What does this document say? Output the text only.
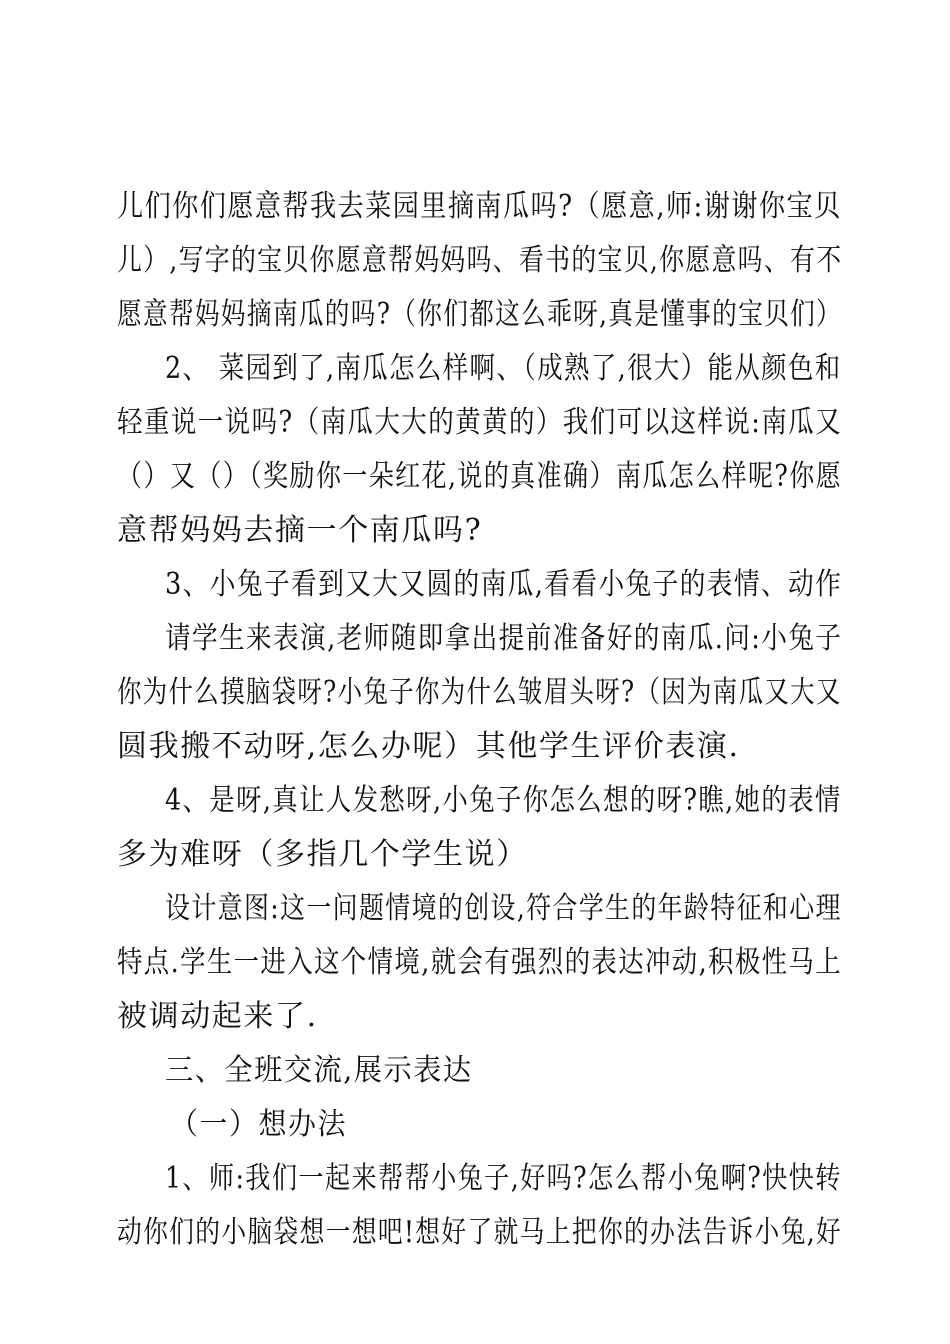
儿们你们愿意帮我去菜园里摘南瓜吗?（愿意,师:谢谢你宝贝
儿）,写字的宝贝你愿意帮妈妈吗、看书的宝贝,你愿意吗、有不
愿意帮妈妈摘南瓜的吗?（你们都这么乖呀,真是懂事的宝贝们）
2、 菜园到了,南瓜怎么样啊、（成熟了,很大）能从颜色和
轻重说一说吗?（南瓜大大的黄黄的）我们可以这样说:南瓜又
（）又（）（奖励你一朵红花,说的真准确）南瓜怎么样呢?你愿
意帮妈妈去摘一个南瓜吗?
3、小兔子看到又大又圆的南瓜,看看小兔子的表情、动作
请学生来表演,老师随即拿出提前准备好的南瓜.问:小兔子
你为什么摸脑袋呀?小兔子你为什么皱眉头呀?（因为南瓜又大又
圆我搬不动呀,怎么办呢）其他学生评价表演.
4、是呀,真让人发愁呀,小兔子你怎么想的呀?瞧,她的表情
多为难呀（多指几个学生说）
设计意图:这一问题情境的创设,符合学生的年龄特征和心理
特点.学生一进入这个情境,就会有强烈的表达冲动,积极性马上
被调动起来了.
三、全班交流,展示表达
（一）想办法
1、师:我们一起来帮帮小兔子,好吗?怎么帮小兔啊?快快转
动你们的小脑袋想一想吧!想好了就马上把你的办法告诉小兔,好
